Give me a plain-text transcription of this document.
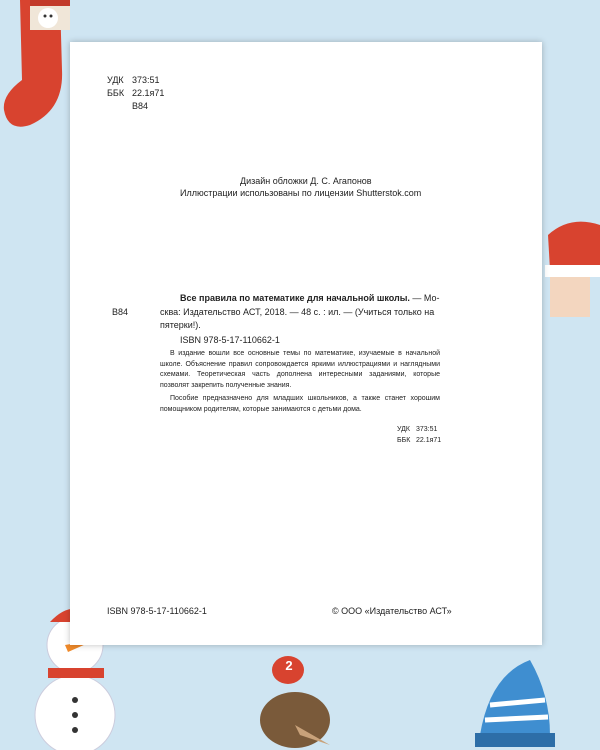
2
УДК 373:51
ББК 22.1я71
В84
Дизайн обложки Д. С. Агапонов
Иллюстрации использованы по лицензии Shutterstok.com
В84
Все правила по математике для начальной школы. — Мо-
сква: Издательство АСТ, 2018. — 48 с. : ил. — (Учиться только на
пятерки!).
ISBN 978-5-17-110662-1
В издание вошли все основные темы по математике, изучаемые в начальной школе. Объяснение правил сопровождается яркими иллюстрациями и наглядными схемами. Теоретическая часть дополнена интересными заданиями, которые позволят закрепить полученные знания.
Пособие предназначено для младших школьников, а также станет хорошим помощником родителям, которые занимаются с детьми дома.
УДК 373:51
ББК 22.1я71
ISBN 978-5-17-110662-1	© ООО «Издательство АСТ»
